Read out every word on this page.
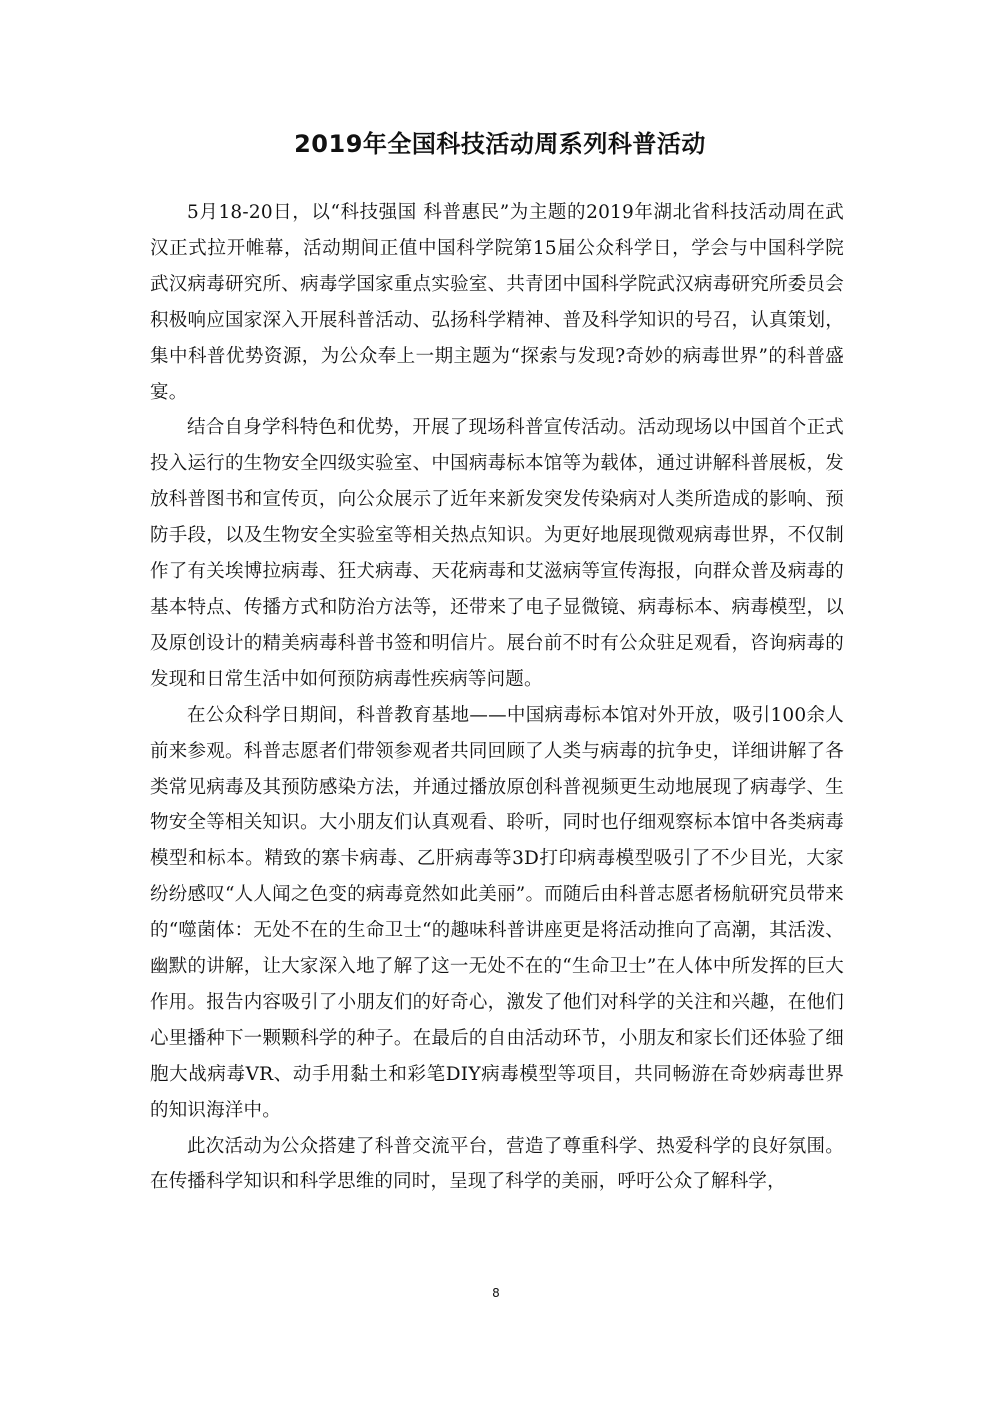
2019年全国科技活动周系列科普活动

5月18-20日，以“科技强国 科普惠民”为主题的2019年湖北省科技活动周在武汉正式拉开帷幕，活动期间正值中国科学院第15届公众科学日，学会与中国科学院武汉病毒研究所、病毒学国家重点实验室、共青团中国科学院武汉病毒研究所委员会积极响应国家深入开展科普活动、弘扬科学精神、普及科学知识的号召，认真策划，集中科普优势资源，为公众奉上一期主题为“探索与发现?奇妙的病毒世界”的科普盛宴。

结合自身学科特色和优势，开展了现场科普宣传活动。活动现场以中国首个正式投入运行的生物安全四级实验室、中国病毒标本馆等为载体，通过讲解科普展板，发放科普图书和宣传页，向公众展示了近年来新发突发传染病对人类所造成的影响、预防手段，以及生物安全实验室等相关热点知识。为更好地展现微观病毒世界，不仅制作了有关埃博拉病毒、狂犬病毒、天花病毒和艾滋病等宣传海报，向群众普及病毒的基本特点、传播方式和防治方法等，还带来了电子显微镜、病毒标本、病毒模型，以及原创设计的精美病毒科普书签和明信片。展台前不时有公众驻足观看，咨询病毒的发现和日常生活中如何预防病毒性疾病等问题。

在公众科学日期间，科普教育基地——中国病毒标本馆对外开放，吸引100余人前来参观。科普志愿者们带领参观者共同回顾了人类与病毒的抗争史，详细讲解了各类常见病毒及其预防感染方法，并通过播放原创科普视频更生动地展现了病毒学、生物安全等相关知识。大小朋友们认真观看、聆听，同时也仔细观察标本馆中各类病毒模型和标本。精致的寨卡病毒、乙肝病毒等3D打印病毒模型吸引了不少目光，大家纷纷感叹“人人闻之色变的病毒竟然如此美丽”。而随后由科普志愿者杨航研究员带来的“噬菌体：无处不在的生命卫士“的趣味科普讲座更是将活动推向了高潮，其活泼、幽默的讲解，让大家深入地了解了这一无处不在的“生命卫士”在人体中所发挥的巨大作用。报告内容吸引了小朋友们的好奇心，激发了他们对科学的关注和兴趣，在他们心里播种下一颗颗科学的种子。在最后的自由活动环节，小朋友和家长们还体验了细胞大战病毒VR、动手用黏土和彩笔DIY病毒模型等项目，共同畅游在奇妙病毒世界的知识海洋中。

此次活动为公众搭建了科普交流平台，营造了尊重科学、热爱科学的良好氛围。在传播科学知识和科学思维的同时，呈现了科学的美丽，呼吁公众了解科学，

8
